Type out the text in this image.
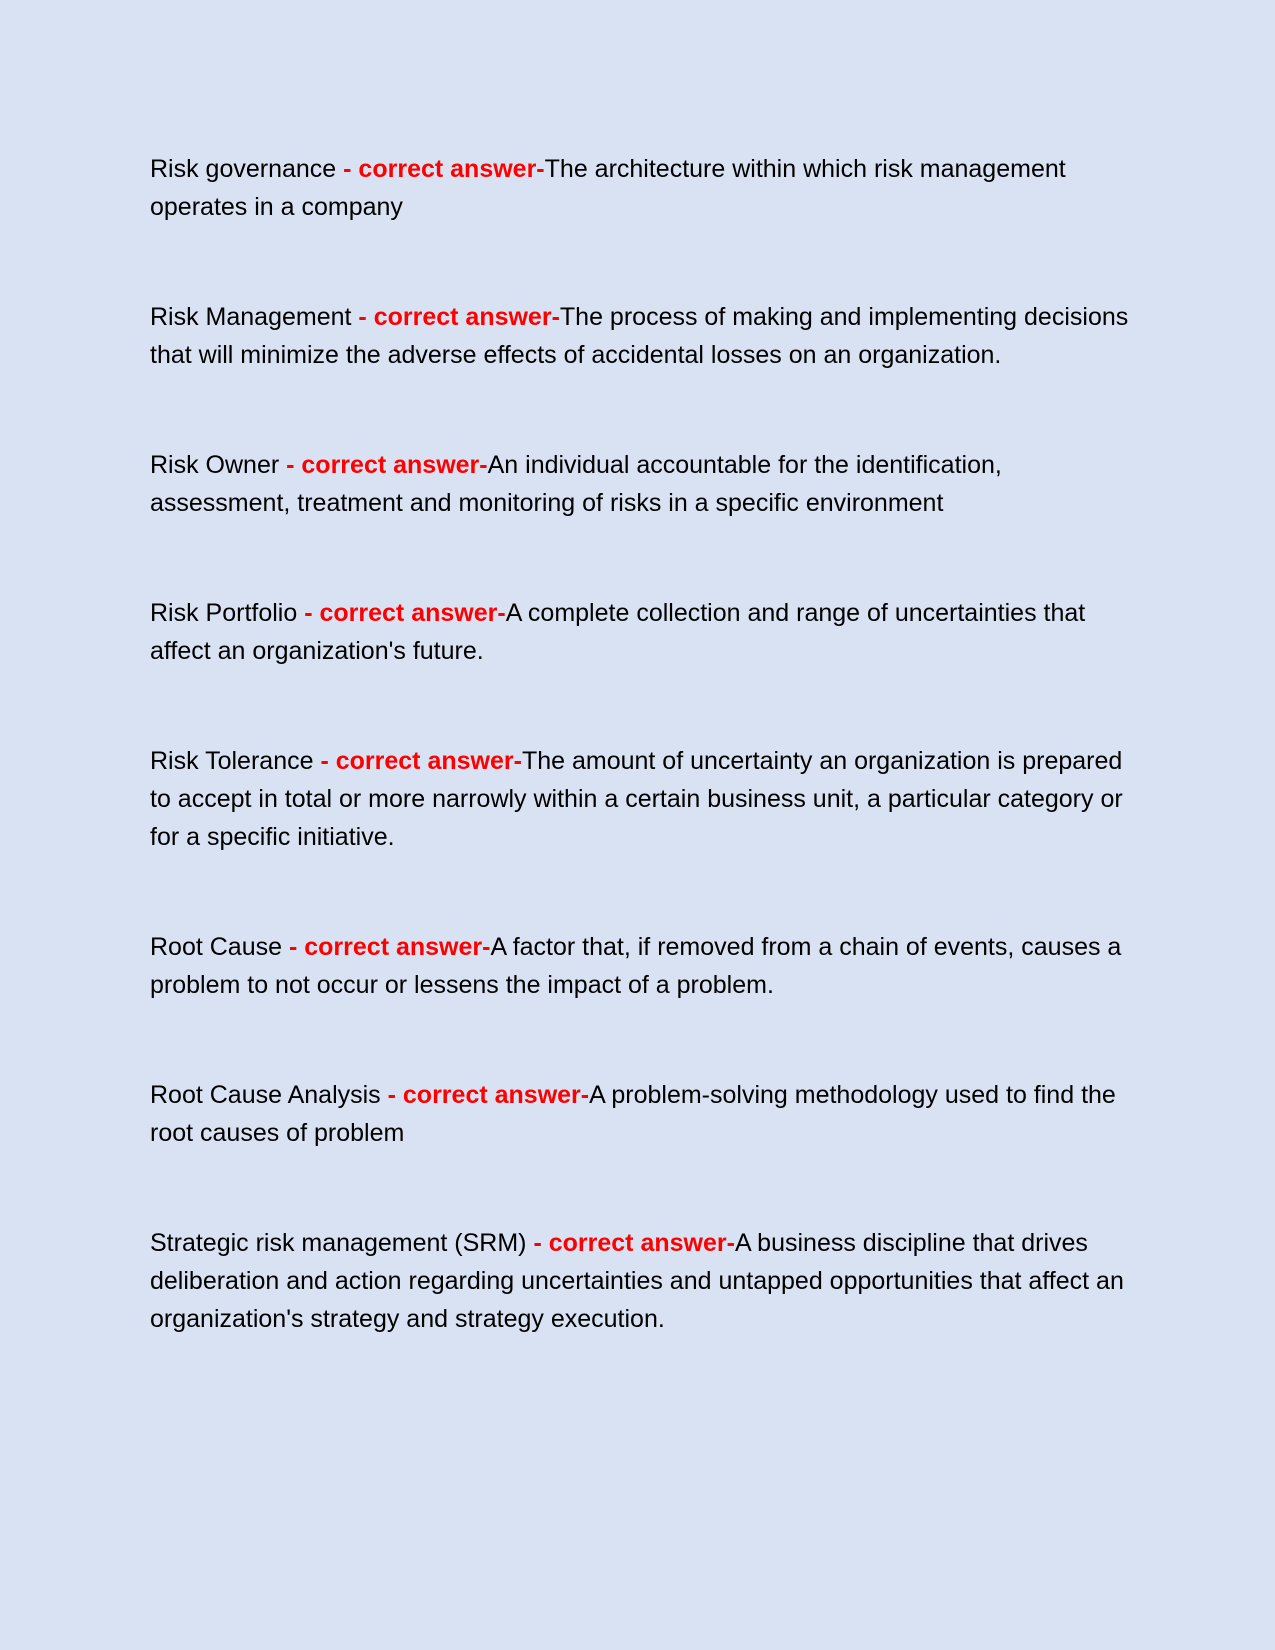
Risk governance - correct answer-The architecture within which risk management operates in a company

Risk Management - correct answer-The process of making and implementing decisions that will minimize the adverse effects of accidental losses on an organization.

Risk Owner - correct answer-An individual accountable for the identification, assessment, treatment and monitoring of risks in a specific environment

Risk Portfolio - correct answer-A complete collection and range of uncertainties that affect an organization's future.

Risk Tolerance - correct answer-The amount of uncertainty an organization is prepared to accept in total or more narrowly within a certain business unit, a particular category or for a specific initiative.

Root Cause - correct answer-A factor that, if removed from a chain of events, causes a problem to not occur or lessens the impact of a problem.

Root Cause Analysis - correct answer-A problem-solving methodology used to find the root causes of problem

Strategic risk management (SRM) - correct answer-A business discipline that drives deliberation and action regarding uncertainties and untapped opportunities that affect an organization's strategy and strategy execution.
